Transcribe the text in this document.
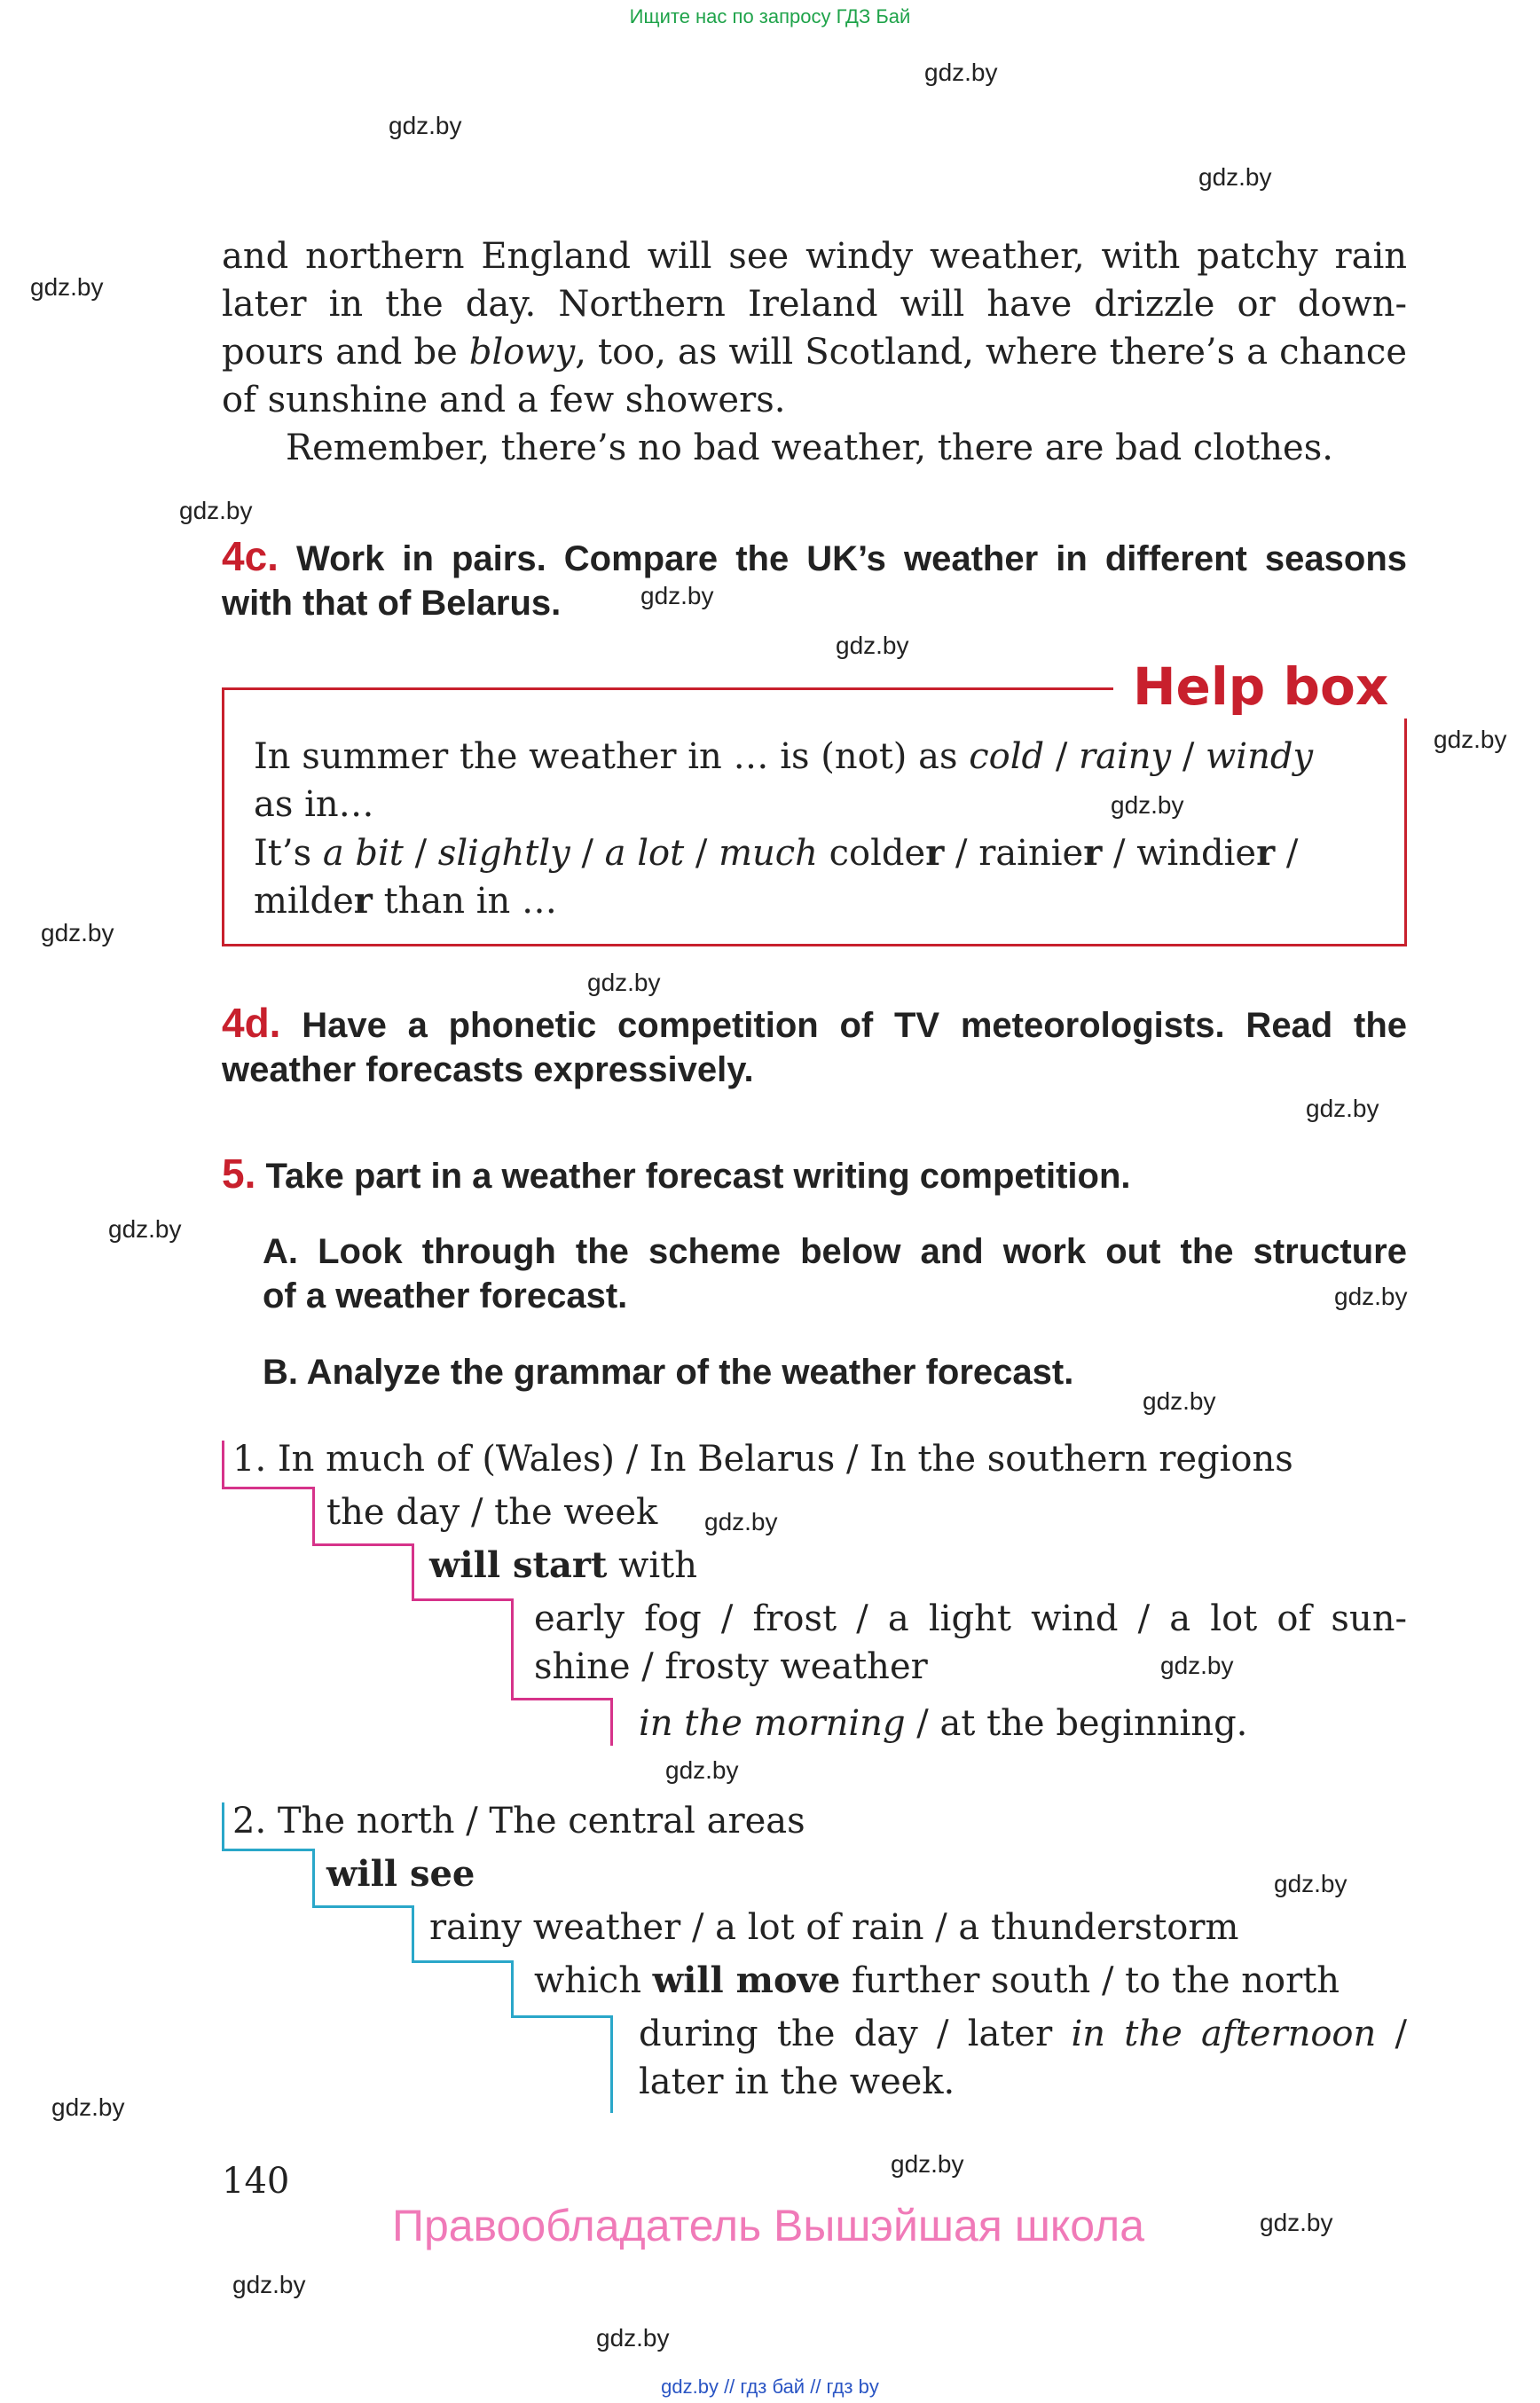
Ищите нас по запросу ГДЗ Бай
gdz.by
gdz.by
gdz.by
gdz.by
gdz.by
gdz.by
gdz.by
gdz.by
gdz.by
gdz.by
gdz.by
gdz.by
gdz.by
gdz.by
gdz.by
gdz.by
gdz.by
gdz.by
gdz.by
gdz.by
gdz.by
gdz.by
gdz.by
gdz.by

and northern England will see windy weather, with patchy rain

later in the day. Northern Ireland will have drizzle or down-

pours and be blowy, too, as will Scotland, where there’s a chance

of sunshine and a few showers.

Remember, there’s no bad weather, there are bad clothes.

4c. Work in pairs. Compare the UK’s weather in different seasons

with that of Belarus.

Help box
In summer the weather in … is (not) as cold / rainy / windy
as in…
It’s a bit / slightly / a lot / much colder / rainier / windier /
milder than in …

4d. Have a phonetic competition of TV meteorologists. Read the

weather forecasts expressively.

5. Take part in a weather forecast writing competition.

A. Look through the scheme below and work out the structure

of a weather forecast.

B. Analyze the grammar of the weather forecast.
1. In much of (Wales) / In Belarus / In the southern regions
the day / the week
will start with

early fog / frost / a light wind / a lot of sun-

shine / frosty weather

in the morning / at the beginning.
2. The north / The central areas
will see
rainy weather / a lot of rain / a thunderstorm
which will move further south / to the north

during the day / later in the afternoon /

later in the week.

140
Правообладатель Вышэйшая школа
gdz.by // гдз бай // гдз by
